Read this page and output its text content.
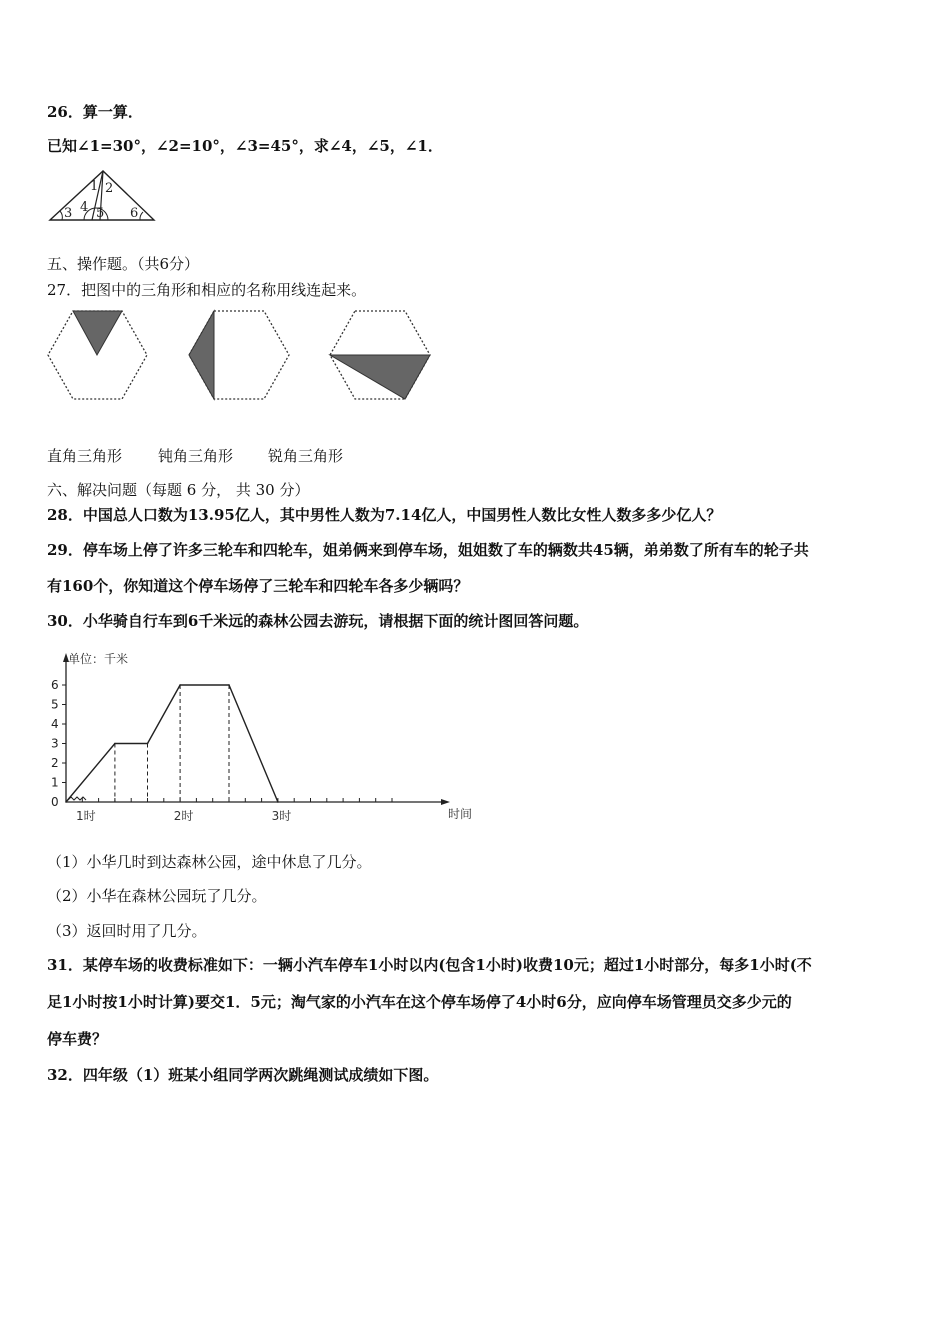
26．算一算．
已知∠1=30°，∠2=10°，∠3=45°，求∠4，∠5，∠1．
1 2
3 4 5 6
五、操作题。（共6分）
27．把图中的三角形和相应的名称用线连起来。
直角三角形 钝角三角形 锐角三角形
六、解决问题（每题 6 分， 共 30 分）
28．中国总人口数为13.95亿人，其中男性人数为7.14亿人，中国男性人数比女性人数多多少亿人？
29．停车场上停了许多三轮车和四轮车，姐弟俩来到停车场，姐姐数了车的辆数共45辆，弟弟数了所有车的轮子共
有160个，你知道这个停车场停了三轮车和四轮车各多少辆吗？
30．小华骑自行车到6千米远的森林公园去游玩，请根据下面的统计图回答问题。
单位：千米
时间
0
1
2
3
4
5
6
1时	2时	3时
（1）小华几时到达森林公园，途中休息了几分。
（2）小华在森林公园玩了几分。
（3）返回时用了几分。
31．某停车场的收费标准如下：一辆小汽车停车1小时以内(包含1小时)收费10元；超过1小时部分，每多1小时(不
足1小时按1小时计算)要交1．5元；淘气家的小汽车在这个停车场停了4小时6分，应向停车场管理员交多少元的
停车费？
32．四年级（1）班某小组同学两次跳绳测试成绩如下图。
